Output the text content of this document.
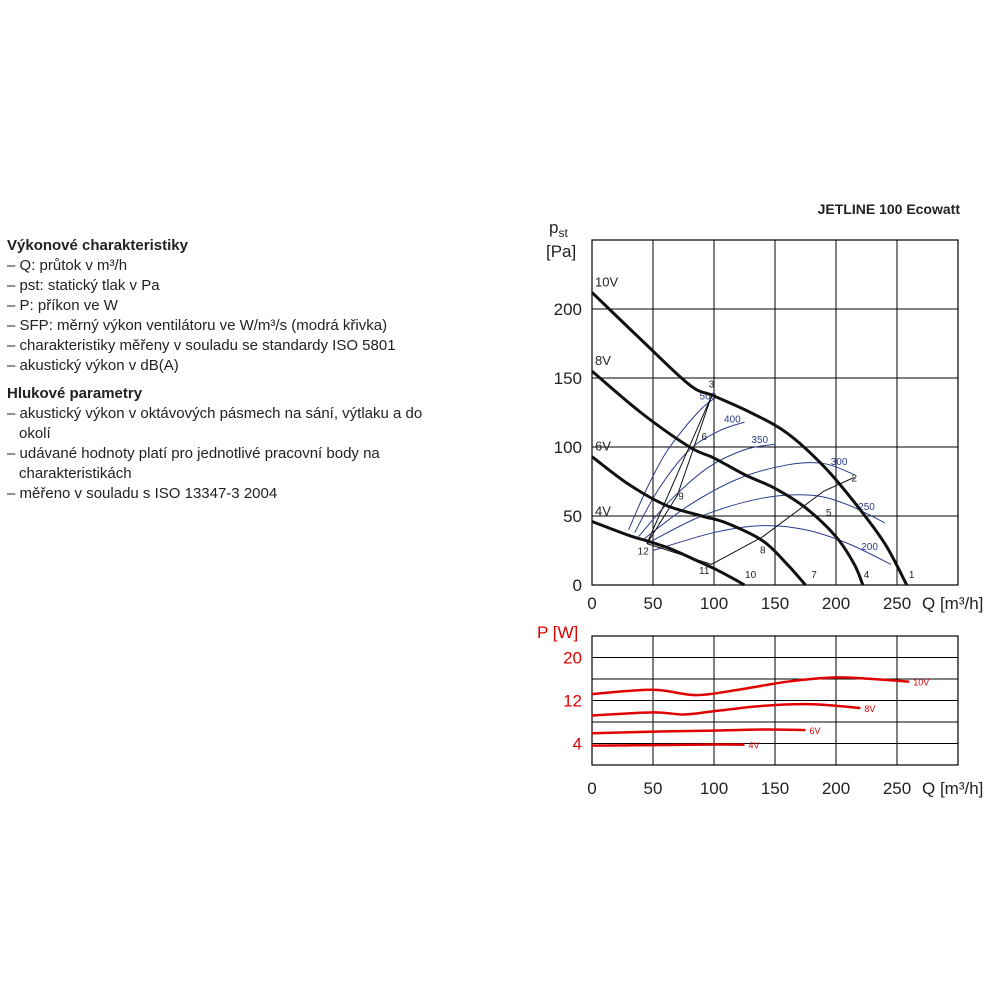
Výkonové charakteristiky
– Q: průtok v m³/h
– pst: statický tlak v Pa
– P: příkon ve W
– SFP: měrný výkon ventilátoru ve W/m³/s (modrá křivka)
– charakteristiky měřeny v souladu se standardy ISO 5801
– akustický výkon v dB(A)
Hlukové parametry
– akustický výkon v oktávových pásmech na sání, výtlaku a do okolí
– udávané hodnoty platí pro jednotlivé pracovní body na charakteristikách
– měřeno v souladu s ISO 13347-3 2004
JETLINE 100 Ecowatt
0	50 100 150 200 250
0
50
100
150
200
Q [m³/h]
$p_{st}$
[Pa]
500
400
350
300
250
200
10V
8V
6V
4V
1
2
3
4
5
6
7
8
9
10
11
12
0	50 100 150 200 250
4
12
20
Q [m³/h]
P [W]
10V
8V
6V
4V
